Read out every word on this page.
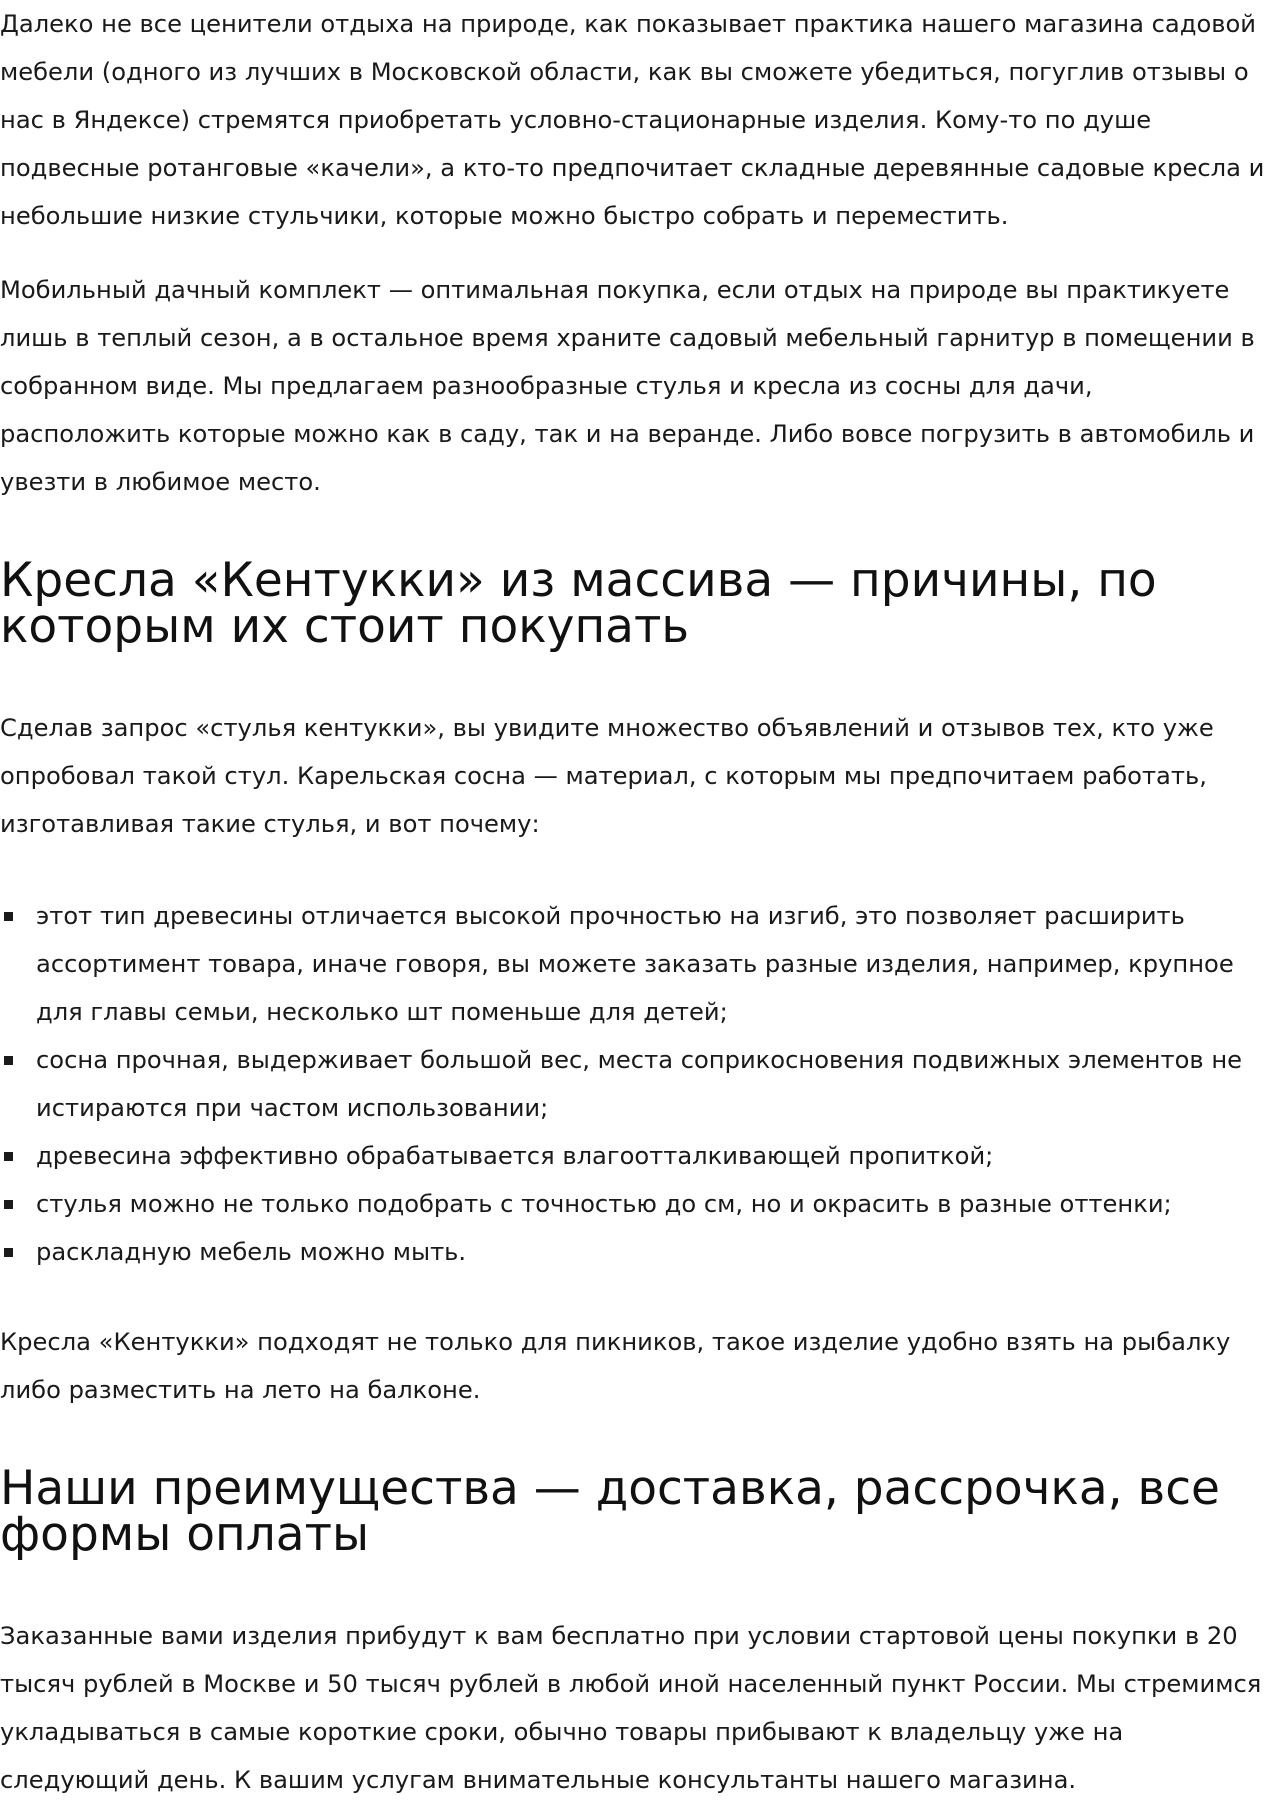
Далеко не все ценители отдыха на природе, как показывает практика нашего магазина садовой мебели (одного из лучших в Московской области, как вы сможете убедиться, погуглив отзывы о нас в Яндексе) стремятся приобретать условно-стационарные изделия. Кому-то по душе подвесные ротанговые «качели», а кто-то предпочитает складные деревянные садовые кресла и небольшие низкие стульчики, которые можно быстро собрать и переместить.

Мобильный дачный комплект — оптимальная покупка, если отдых на природе вы практикуете лишь в теплый сезон, а в остальное время храните садовый мебельный гарнитур в помещении в собранном виде. Мы предлагаем разнообразные стулья и кресла из сосны для дачи, расположить которые можно как в саду, так и на веранде. Либо вовсе погрузить в автомобиль и увезти в любимое место.

Кресла «Кентукки» из массива — причины, по которым их стоит покупать

Сделав запрос «стулья кентукки», вы увидите множество объявлений и отзывов тех, кто уже опробовал такой стул. Карельская сосна — материал, с которым мы предпочитаем работать, изготавливая такие стулья, и вот почему:

этот тип древесины отличается высокой прочностью на изгиб, это позволяет расширить ассортимент товара, иначе говоря, вы можете заказать разные изделия, например, крупное для главы семьи, несколько шт поменьше для детей;
сосна прочная, выдерживает большой вес, места соприкосновения подвижных элементов не истираются при частом использовании;
древесина эффективно обрабатывается влагоотталкивающей пропиткой;
стулья можно не только подобрать с точностью до см, но и окрасить в разные оттенки;
раскладную мебель можно мыть.

Кресла «Кентукки» подходят не только для пикников, такое изделие удобно взять на рыбалку либо разместить на лето на балконе.

Наши преимущества — доставка, рассрочка, все формы оплаты

Заказанные вами изделия прибудут к вам бесплатно при условии стартовой цены покупки в 20 тысяч рублей в Москве и 50 тысяч рублей в любой иной населенный пункт России. Мы стремимся укладываться в самые короткие сроки, обычно товары прибывают к владельцу уже на следующий день. К вашим услугам внимательные консультанты нашего магазина.
